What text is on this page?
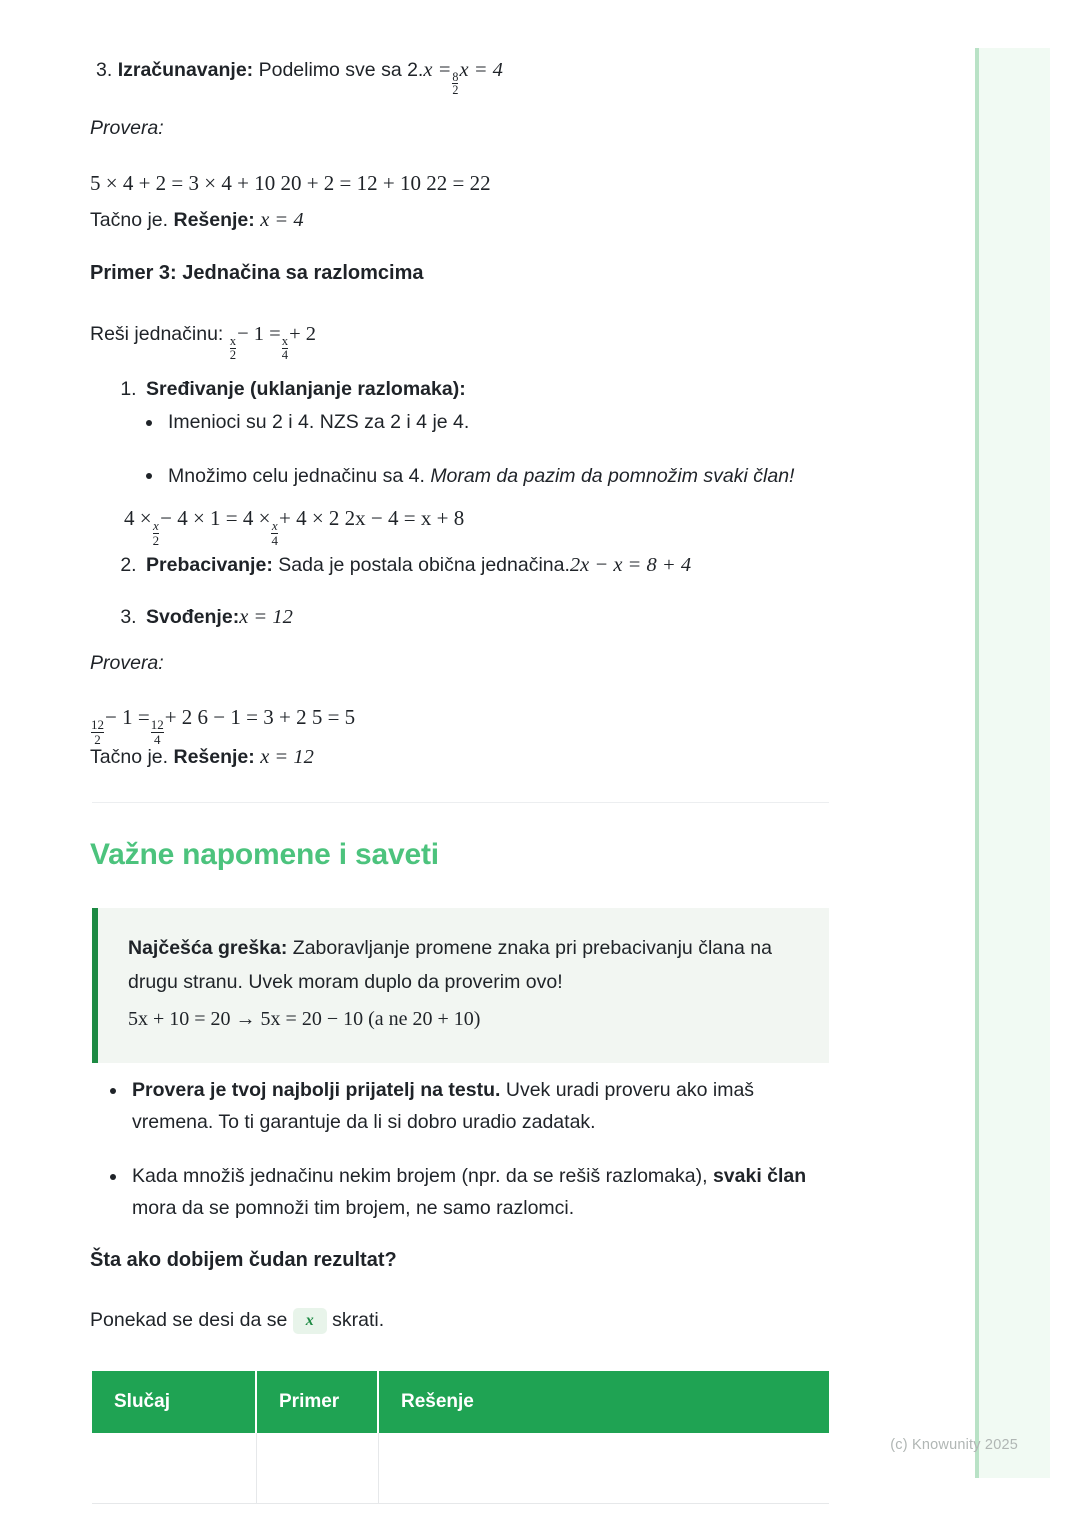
(c) Knowunity 2025

3. Izračunavanje: Podelimo sve sa 2.x =
$\frac{8}{2}$
x = 4

Provera:

5 × 4 + 2 = 3 × 4 + 10 20 + 2 = 12 + 10 22 = 22

Tačno je. Rešenje: x = 4

Primer 3: Jednačina sa razlomcima

Reši jednačinu:
$\frac{x}{2}$
− 1 =
$\frac{x}{4}$
+ 2

1. Sređivanje (uklanjanje razlomaka):
Imenioci su 2 i 4. NZS za 2 i 4 je 4.
Množimo celu jednačinu sa 4. Moram da pazim da pomnožim svaki član!
4 ×
$\frac{x}{2}$
− 4 × 1 = 4 ×
$\frac{x}{4}$
+ 4 × 2 2x − 4 = x + 8
2. Prebacivanje: Sada je postala obična jednačina.2x − x = 8 + 4
3. Svođenje:x = 12

Provera:

$\frac{12}{2}$
− 1 =
$\frac{12}{4}$
+ 2 6 − 1 = 3 + 2 5 = 5

Tačno je. Rešenje: x = 12

Važne napomene i saveti

Najčešća greška: Zaboravljanje promene znaka pri prebacivanju člana na drugu stranu. Uvek moram duplo da proverim ovo!

5x + 10 = 20 → 5x = 20 − 10 (a ne 20 + 10)

Provera je tvoj najbolji prijatelj na testu. Uvek uradi proveru ako imaš vremena. To ti garantuje da li si dobro uradio zadatak.
Kada množiš jednačinu nekim brojem (npr. da se rešiš razlomaka), svaki član mora da se pomnoži tim brojem, ne samo razlomci.
Šta ako dobijem čudan rezultat?

Ponekad se desi da se x skrati.

Slučaj	Primer	Rešenje
